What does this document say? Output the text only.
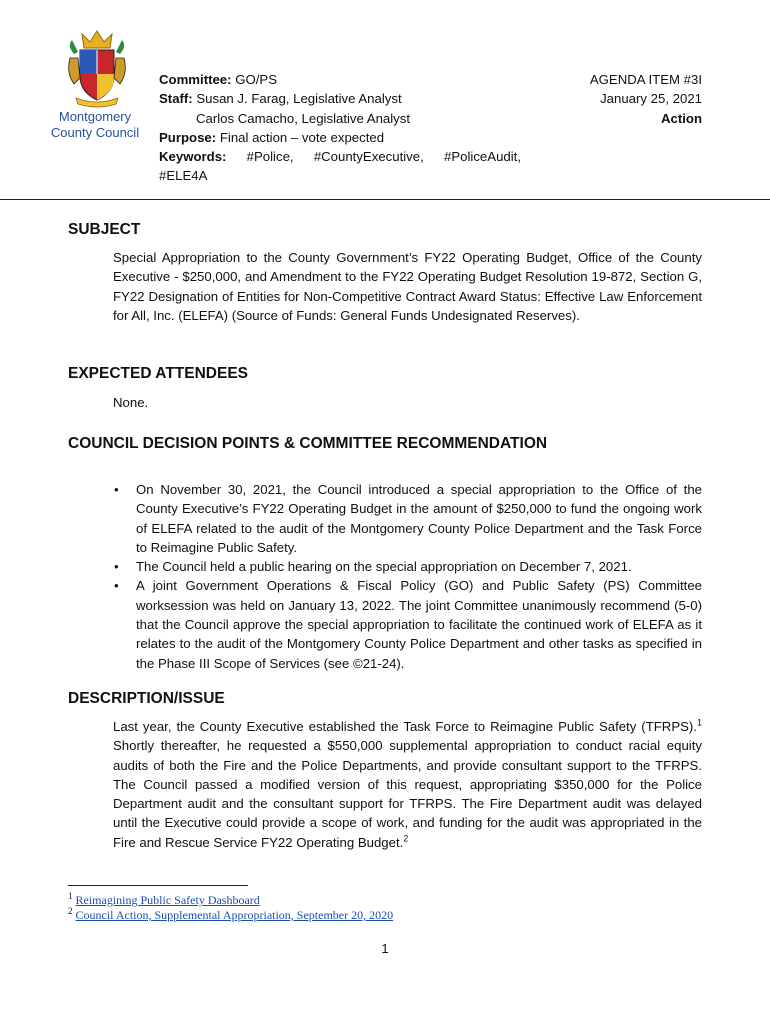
Montgomery
County Council
Committee: GO/PS
Staff: Susan J. Farag, Legislative Analyst
Carlos Camacho, Legislative Analyst
Purpose: Final action – vote expected
Keywords: #Police, #CountyExecutive, #PoliceAudit,
#ELE4A
AGENDA ITEM #3I
January 25, 2021
Action
SUBJECT
Special Appropriation to the County Government’s FY22 Operating Budget, Office of the County Executive - $250,000, and Amendment to the FY22 Operating Budget Resolution 19-872, Section G, FY22 Designation of Entities for Non-Competitive Contract Award Status: Effective Law Enforcement for All, Inc. (ELEFA) (Source of Funds: General Funds Undesignated Reserves).
EXPECTED ATTENDEES
None.
COUNCIL DECISION POINTS & COMMITTEE RECOMMENDATION
• On November 30, 2021, the Council introduced a special appropriation to the Office of the County Executive’s FY22 Operating Budget in the amount of $250,000 to fund the ongoing work of ELEFA related to the audit of the Montgomery County Police Department and the Task Force to Reimagine Public Safety.
• The Council held a public hearing on the special appropriation on December 7, 2021.
• A joint Government Operations & Fiscal Policy (GO) and Public Safety (PS) Committee worksession was held on January 13, 2022. The joint Committee unanimously recommend (5-0) that the Council approve the special appropriation to facilitate the continued work of ELEFA as it relates to the audit of the Montgomery County Police Department and other tasks as specified in the Phase III Scope of Services (see ©21-24).
DESCRIPTION/ISSUE
Last year, the County Executive established the Task Force to Reimagine Public Safety (TFRPS).$^1$ Shortly thereafter, he requested a $550,000 supplemental appropriation to conduct racial equity audits of both the Fire and the Police Departments, and provide consultant support to the TFRPS. The Council passed a modified version of this request, appropriating $350,000 for the Police Department audit and the consultant support for TFRPS. The Fire Department audit was delayed until the Executive could provide a scope of work, and funding for the audit was appropriated in the Fire and Rescue Service FY22 Operating Budget.$^2$
$^1$ Reimagining Public Safety Dashboard
$^2$ Council Action, Supplemental Appropriation, September 20, 2020
1
